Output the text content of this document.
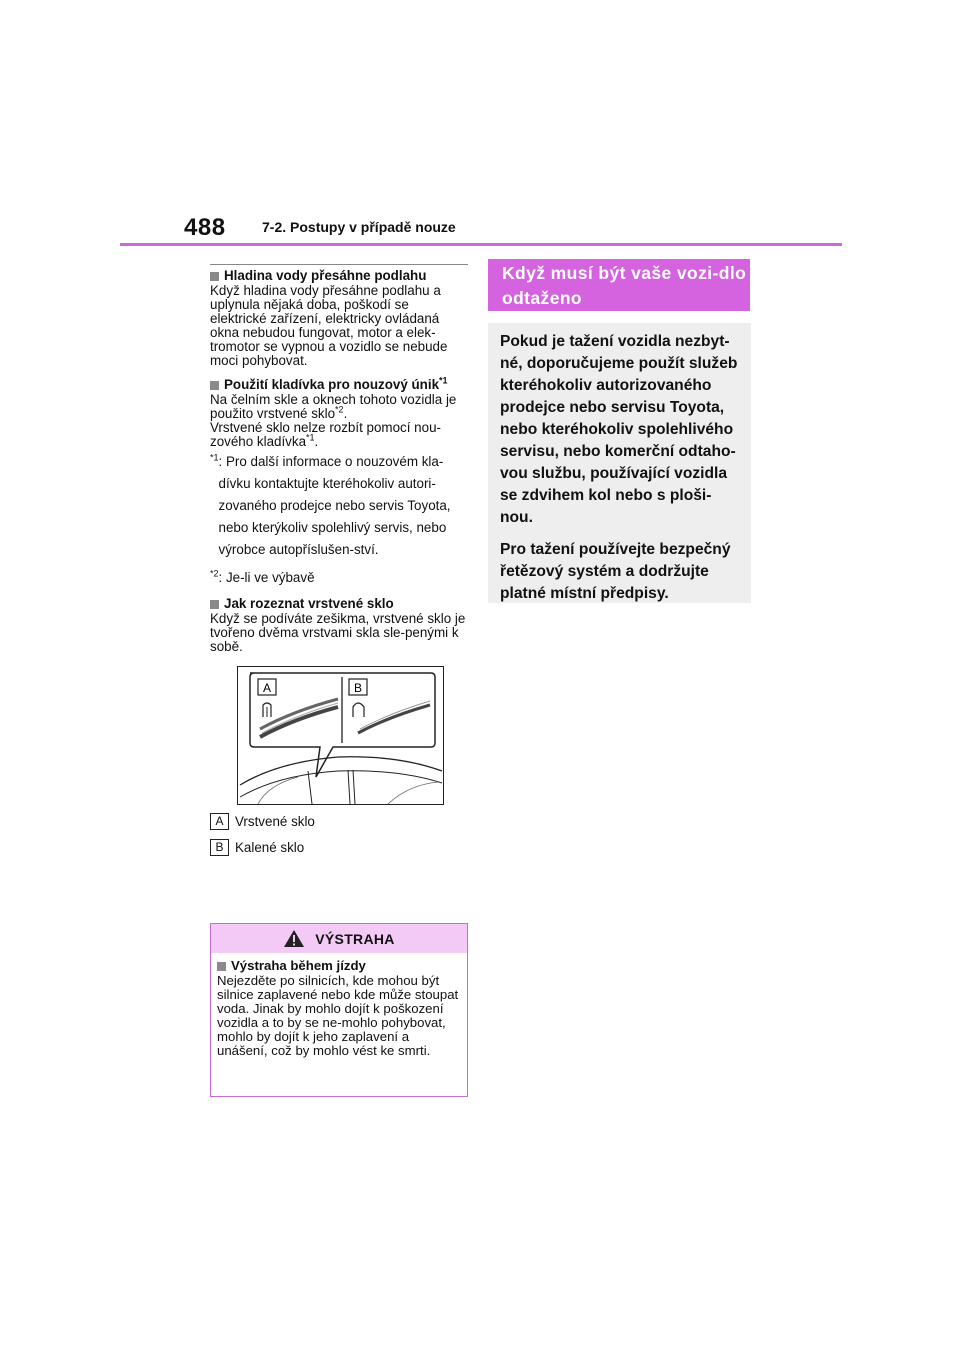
488	7-2. Postupy v případě nouze
Hladina vody přesáhne podlahu
Když hladina vody přesáhne podlahu a uplynula nějaká doba, poškodí se elektrické zařízení, elektricky ovládaná okna nebudou fungovat, motor a elek-tromotor se vypnou a vozidlo se nebude moci pohybovat.
Použití kladívka pro nouzový únik$^{*1}$
Na čelním skle a oknech tohoto vozidla je použito vrstvené sklo$^{*2}$.
Vrstvené sklo nelze rozbít pomocí nou-zového kladívka$^{*1}$.
$^{*1}$ : Pro další informace o nouzovém kla-dívku kontaktujte kteréhokoliv autori-zovaného prodejce nebo servis Toyota, nebo kterýkoliv spolehlivý servis, nebo výrobce autopříslušen-ství.
$^{*2}$ : Je-li ve výbavě
Jak rozeznat vrstvené sklo
Když se podíváte zešikma, vrstvené sklo je tvořeno dvěma vrstvami skla sle-penými k sobě.
A	B
A Vrstvené sklo
B Kalené sklo
VÝSTRAHA
Výstraha během jízdy
Nejezděte po silnicích, kde mohou být silnice zaplavené nebo kde může stoupat voda. Jinak by mohlo dojít k poškození vozidla a to by se ne-mohlo pohybovat, mohlo by dojít k jeho zaplavení a unášení, což by mohlo vést ke smrti.
Když musí být vaše vozi-dlo odtaženo

Pokud je tažení vozidla nezbyt-né, doporučujeme použít služeb kteréhokoliv autorizovaného prodejce nebo servisu Toyota, nebo kteréhokoliv spolehlivého servisu, nebo komerční odtaho-vou službu, používající vozidla se zdvihem kol nebo s ploši-nou.

Pro tažení používejte bezpečný řetězový systém a dodržujte platné místní předpisy.
